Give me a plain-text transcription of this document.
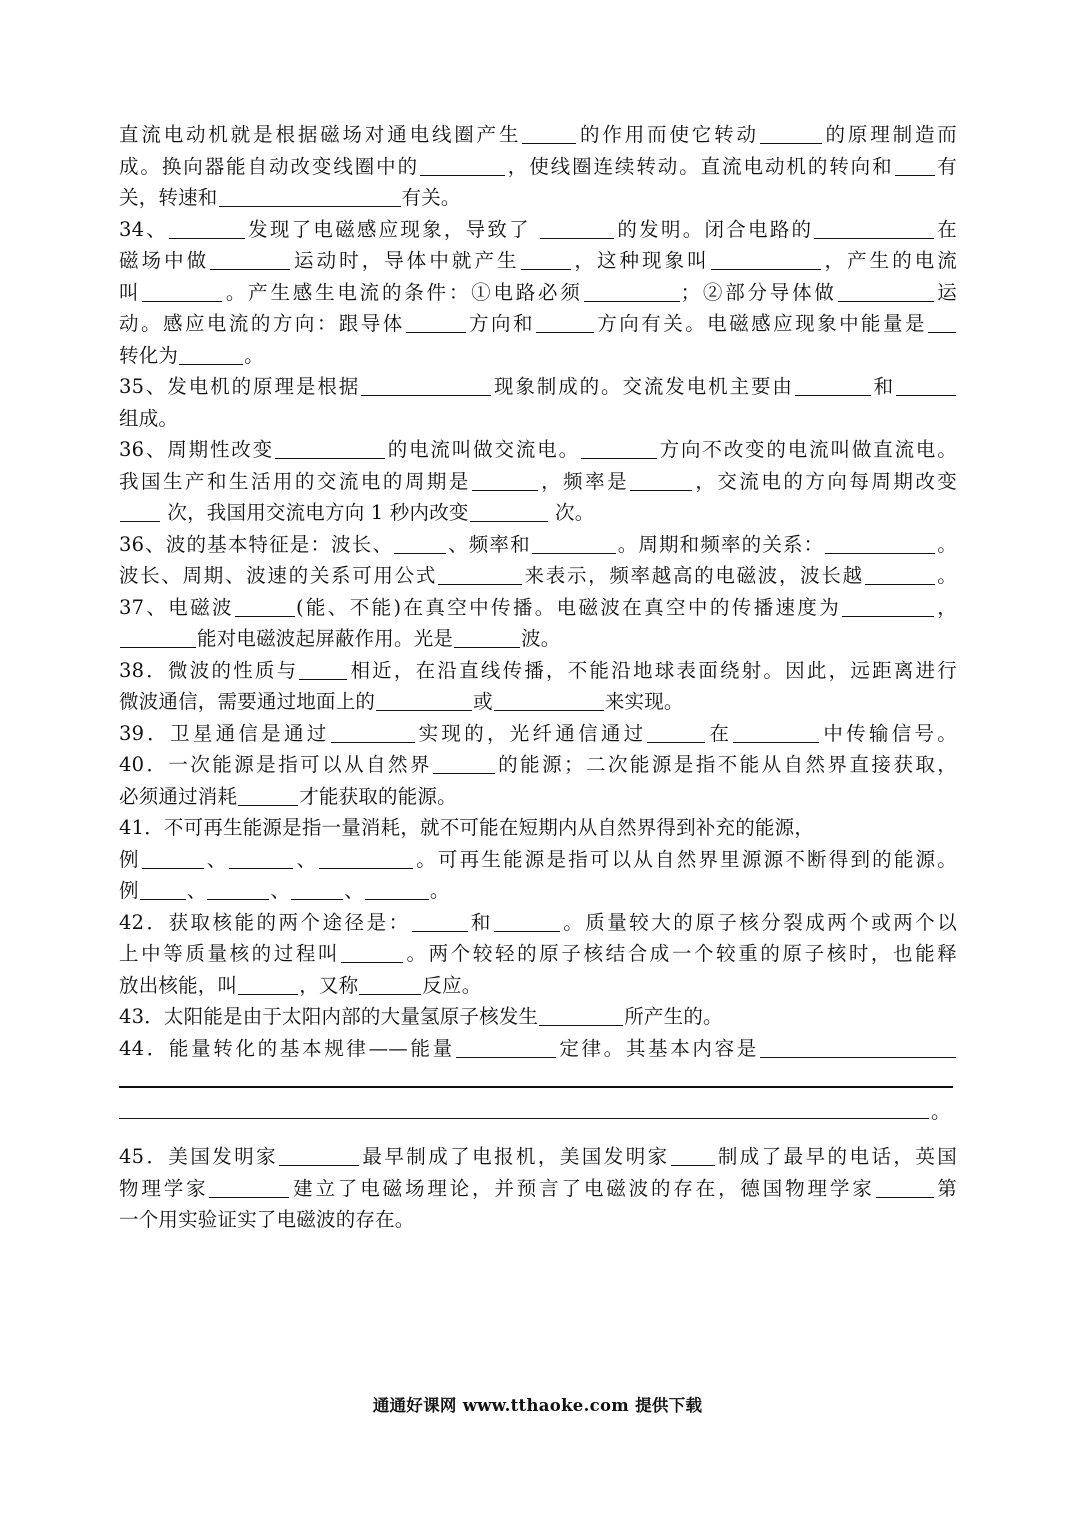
直流电动机就是根据磁场对通电线圈产生	的作用而使它转动	的原理制造而
成。换向器能自动改变线圈中的	，使线圈连续转动。直流电动机的转向和 有
关，转速和	有关。
34、	发现了电磁感应现象，导致了	的发明。闭合电路的	在
磁场中做	运动时，导体中就产生	，这种现象叫	，产生的电流
叫	。产生感生电流的条件：①电路必须	；②部分导体做	运
动。感应电流的方向：跟导体	方向和	方向有关。电磁感应现象中能量是
转化为	。
35、发电机的原理是根据	现象制成的。交流发电机主要由	和
组成。
36、周期性改变	的电流叫做交流电。	方向不改变的电流叫做直流电。
我国生产和生活用的交流电的周期是	，频率是	，交流电的方向每周期改变
次，我国用交流电方向 1 秒内改变	次。
36、波的基本特征是：波长、	、频率和	。周期和频率的关系：	。
波长、周期、波速的关系可用公式	来表示，频率越高的电磁波，波长越	。
37、电磁波	(能、不能)在真空中传播。电磁波在真空中的传播速度为	，
能对电磁波起屏蔽作用。光是	波。
38．微波的性质与	相近，在沿直线传播，不能沿地球表面绕射。因此，远距离进行
微波通信，需要通过地面上的	或	来实现。
39．卫星通信是通过	实现的，光纤通信通过	在	中传输信号。
40．一次能源是指可以从自然界	的能源；二次能源是指不能从自然界直接获取，
必须通过消耗	才能获取的能源。
41．不可再生能源是指一量消耗，就不可能在短期内从自然界得到补充的能源，
例	、	、	。可再生能源是指可以从自然界里源源不断得到的能源。
例 、	、	、	。
42．获取核能的两个途径是：	和	。质量较大的原子核分裂成两个或两个以
上中等质量核的过程叫	。两个较轻的原子核结合成一个较重的原子核时，也能释
放出核能，叫	，又称	反应。
43．太阳能是由于太阳内部的大量氢原子核发生	所产生的。
44．能量转化的基本规律——能量	定律。其基本内容是
。
45．美国发明家	最早制成了电报机，美国发明家 制成了最早的电话，英国
物理学家	建立了电磁场理论，并预言了电磁波的存在，德国物理学家	第
一个用实验证实了电磁波的存在。
通通好课网 www.tthaoke.com 提供下载
